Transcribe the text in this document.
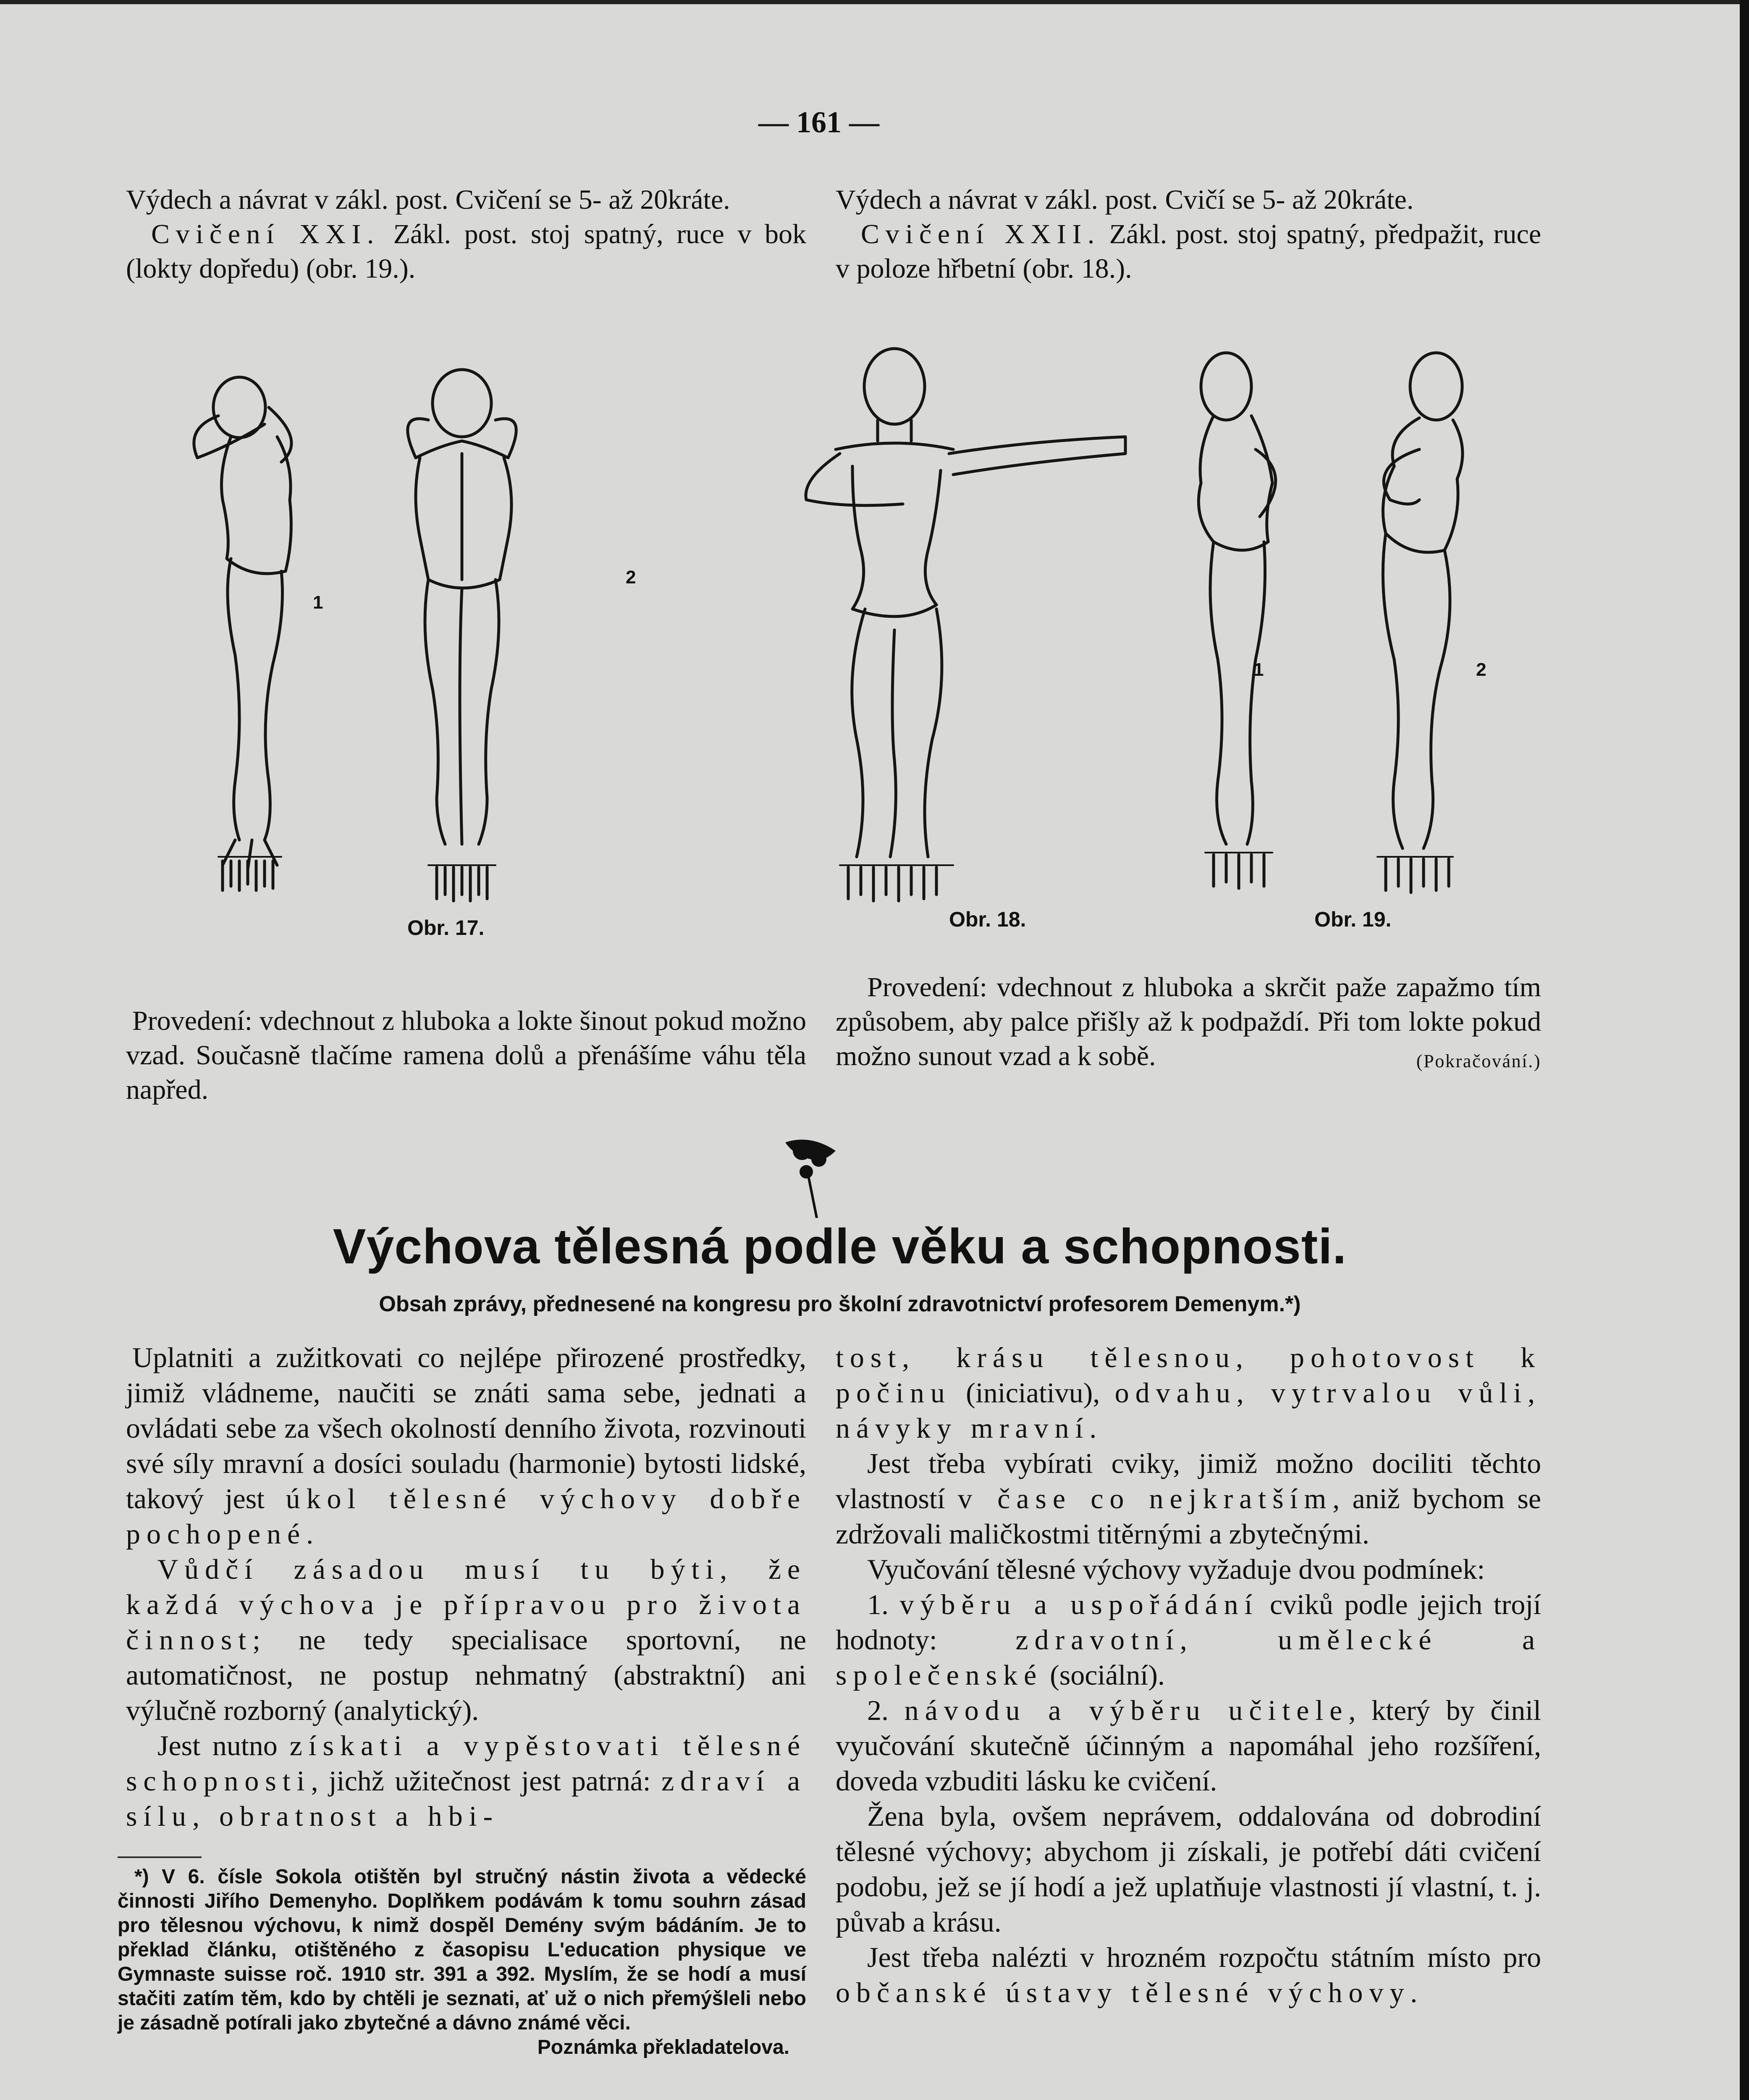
— 161 —

Výdech a návrat v zákl. post. Cvičení se 5- až 20kráte.

Cvičení XXI. Zákl. post. stoj spatný, ruce v bok (lokty dopředu) (obr. 19.).

Výdech a návrat v zákl. post. Cvičí se 5- až 20kráte.

Cvičení XXII. Zákl. post. stoj spatný, předpažit, ruce v poloze hřbetní (obr. 18.).

1
2
Obr. 17.	Obr. 18.
1	2
Obr. 19.

Provedení: vdechnout z hluboka a lokte šinout pokud možno vzad. Současně tlačíme ramena dolů a přenášíme váhu těla napřed.

Provedení: vdechnout z hluboka a skrčit paže zapažmo tím způsobem, aby palce přišly až k podpaždí. Při tom lokte pokud možno sunout vzad a k sobě.	(Pokračování.)

Výchova tělesná podle věku a schopnosti.
Obsah zprávy, přednesené na kongresu pro školní zdravotnictví profesorem Demenym.*)

Uplatniti a zužitkovati co nejlépe přirozené prostředky, jimiž vládneme, naučiti se znáti sama sebe, jednati a ovládati sebe za všech okolností denního života, rozvinouti své síly mravní a dosíci souladu (harmonie) bytosti lidské, takový jest úkol tělesné výchovy dobře pochopené.

Vůdčí zásadou musí tu býti, že každá výchova je přípravou pro života činnost; ne tedy specialisace sportovní, ne automatičnost, ne postup nehmatný (abstraktní) ani výlučně rozborný (analytický).

Jest nutno získati a vypěstovati tělesné schopnosti, jichž užitečnost jest patrná: zdraví a sílu, obratnost a hbi-

*) V 6. čísle Sokola otištěn byl stručný nástin života a vědecké činnosti Jiřího Demenyho. Doplňkem podávám k tomu souhrn zásad pro tělesnou výchovu, k nimž dospěl Demény svým bádáním. Je to překlad článku, otištěného z časopisu L'education physique ve Gymnaste suisse roč. 1910 str. 391 a 392. Myslím, že se hodí a musí stačiti zatím těm, kdo by chtěli je seznati, ať už o nich přemýšleli nebo je zásadně potírali jako zbytečné a dávno známé věci.
Poznámka překladatelova.

tost, krásu tělesnou, pohotovost k počinu (iniciativu), odvahu, vytrvalou vůli, návyky mravní.

Jest třeba vybírati cviky, jimiž možno dociliti těchto vlastností v čase co nejkratším, aniž bychom se zdržovali maličkostmi titěrnými a zbytečnými.

Vyučování tělesné výchovy vyžaduje dvou podmínek:

1. výběru a uspořádání cviků podle jejich trojí hodnoty: zdravotní, umělecké a společenské (sociální).

2. návodu a výběru učitele, který by činil vyučování skutečně účinným a napomáhal jeho rozšíření, doveda vzbuditi lásku ke cvičení.

Žena byla, ovšem neprávem, oddalována od dobrodiní tělesné výchovy; abychom ji získali, je potřebí dáti cvičení podobu, jež se jí hodí a jež uplatňuje vlastnosti jí vlastní, t. j. půvab a krásu.

Jest třeba nalézti v hrozném rozpočtu státním místo pro občanské ústavy tělesné výchovy.
